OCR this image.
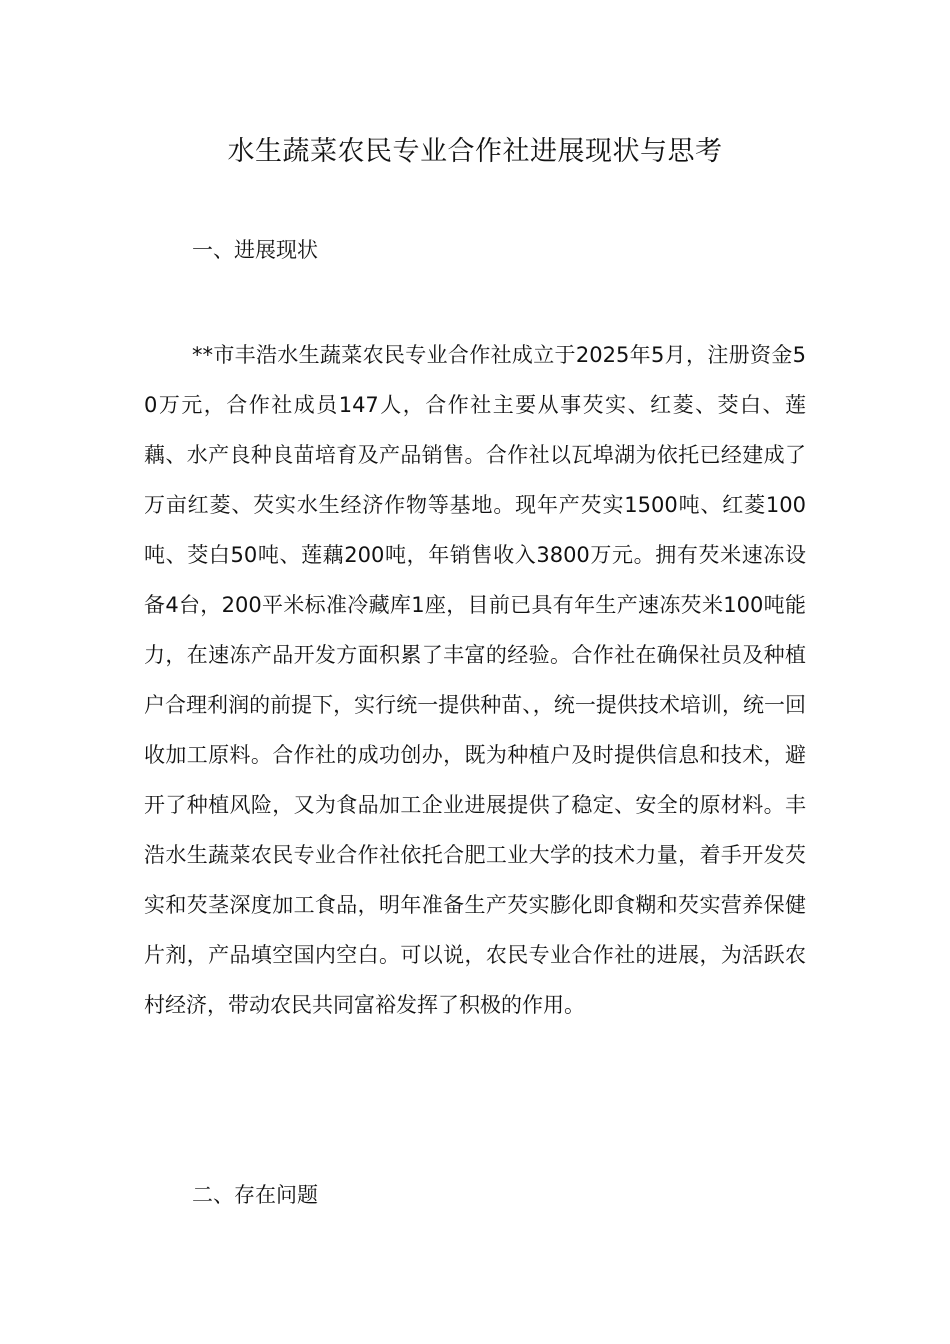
水生蔬菜农民专业合作社进展现状与思考
一、进展现状

**市丰浩水生蔬菜农民专业合作社成立于2025年5月，注册资金50万元，合作社成员147人，合作社主要从事芡实、红菱、茭白、莲藕、水产良种良苗培育及产品销售。合作社以瓦埠湖为依托已经建成了万亩红菱、芡实水生经济作物等基地。现年产芡实1500吨、红菱100吨、茭白50吨、莲藕200吨，年销售收入3800万元。拥有芡米速冻设备4台，200平米标准冷藏库1座，目前已具有年生产速冻芡米100吨能力，在速冻产品开发方面积累了丰富的经验。合作社在确保社员及种植户合理利润的前提下，实行统一提供种苗、，统一提供技术培训，统一回收加工原料。合作社的成功创办，既为种植户及时提供信息和技术，避开了种植风险，又为食品加工企业进展提供了稳定、安全的原材料。丰浩水生蔬菜农民专业合作社依托合肥工业大学的技术力量，着手开发芡实和芡茎深度加工食品，明年准备生产芡实膨化即食糊和芡实营养保健片剂，产品填空国内空白。可以说，农民专业合作社的进展，为活跃农村经济，带动农民共同富裕发挥了积极的作用。

二、存在问题
